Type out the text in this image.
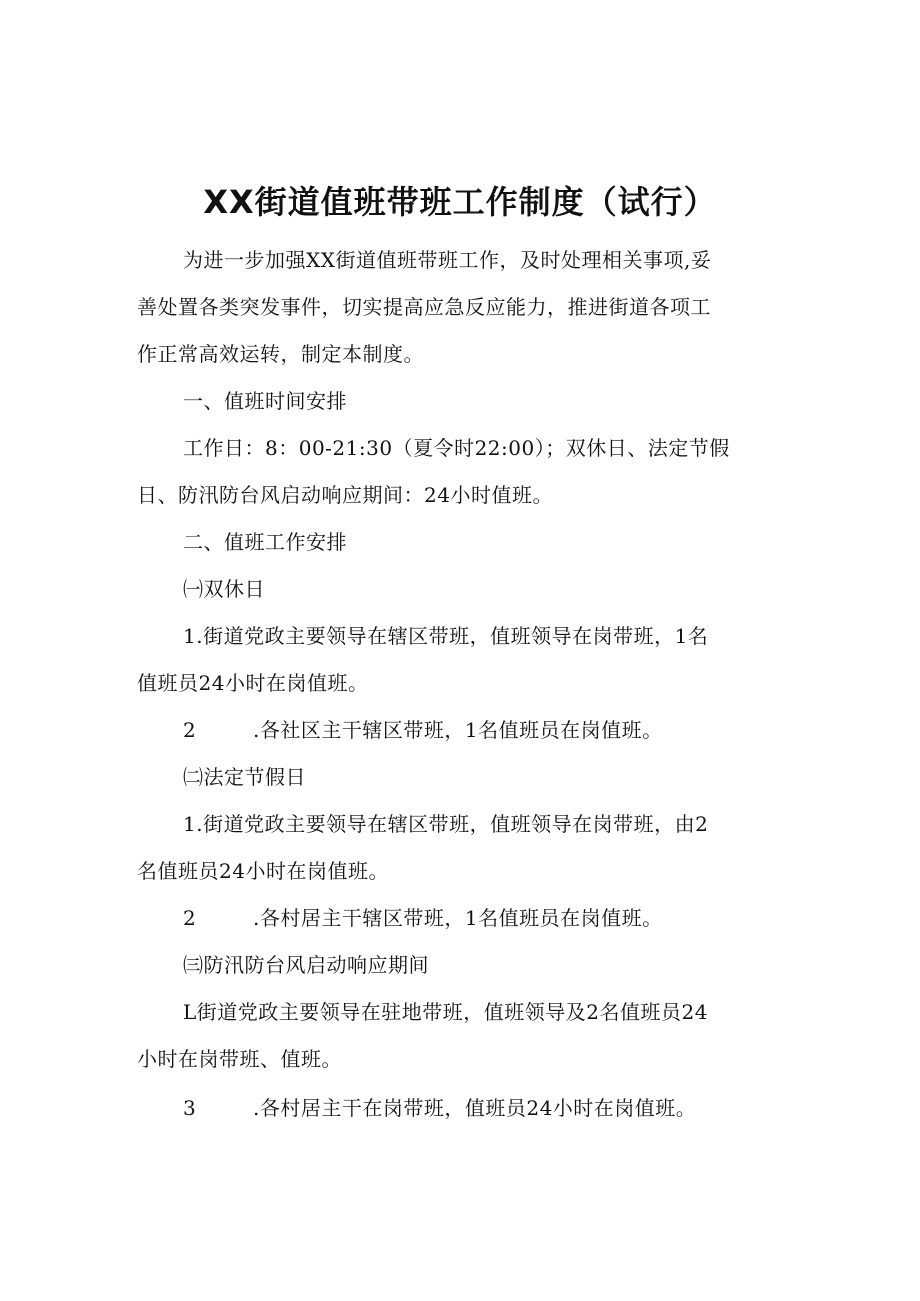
XX街道值班带班工作制度（试行）
为进一步加强XX街道值班带班工作，及时处理相关事项,妥
善处置各类突发事件，切实提高应急反应能力，推进街道各项工
作正常高效运转，制定本制度。
一、值班时间安排
工作日：8：00-21:30（夏令时22:00）；双休日、法定节假
日、防汛防台风启动响应期间：24小时值班。
二、值班工作安排
㈠双休日
1.街道党政主要领导在辖区带班，值班领导在岗带班，1名
值班员24小时在岗值班。
2	.各社区主干辖区带班，1名值班员在岗值班。
㈡法定节假日
1.街道党政主要领导在辖区带班，值班领导在岗带班，由2
名值班员24小时在岗值班。
2	.各村居主干辖区带班，1名值班员在岗值班。
㈢防汛防台风启动响应期间
L街道党政主要领导在驻地带班，值班领导及2名值班员24
小时在岗带班、值班。
3	.各村居主干在岗带班，值班员24小时在岗值班。
